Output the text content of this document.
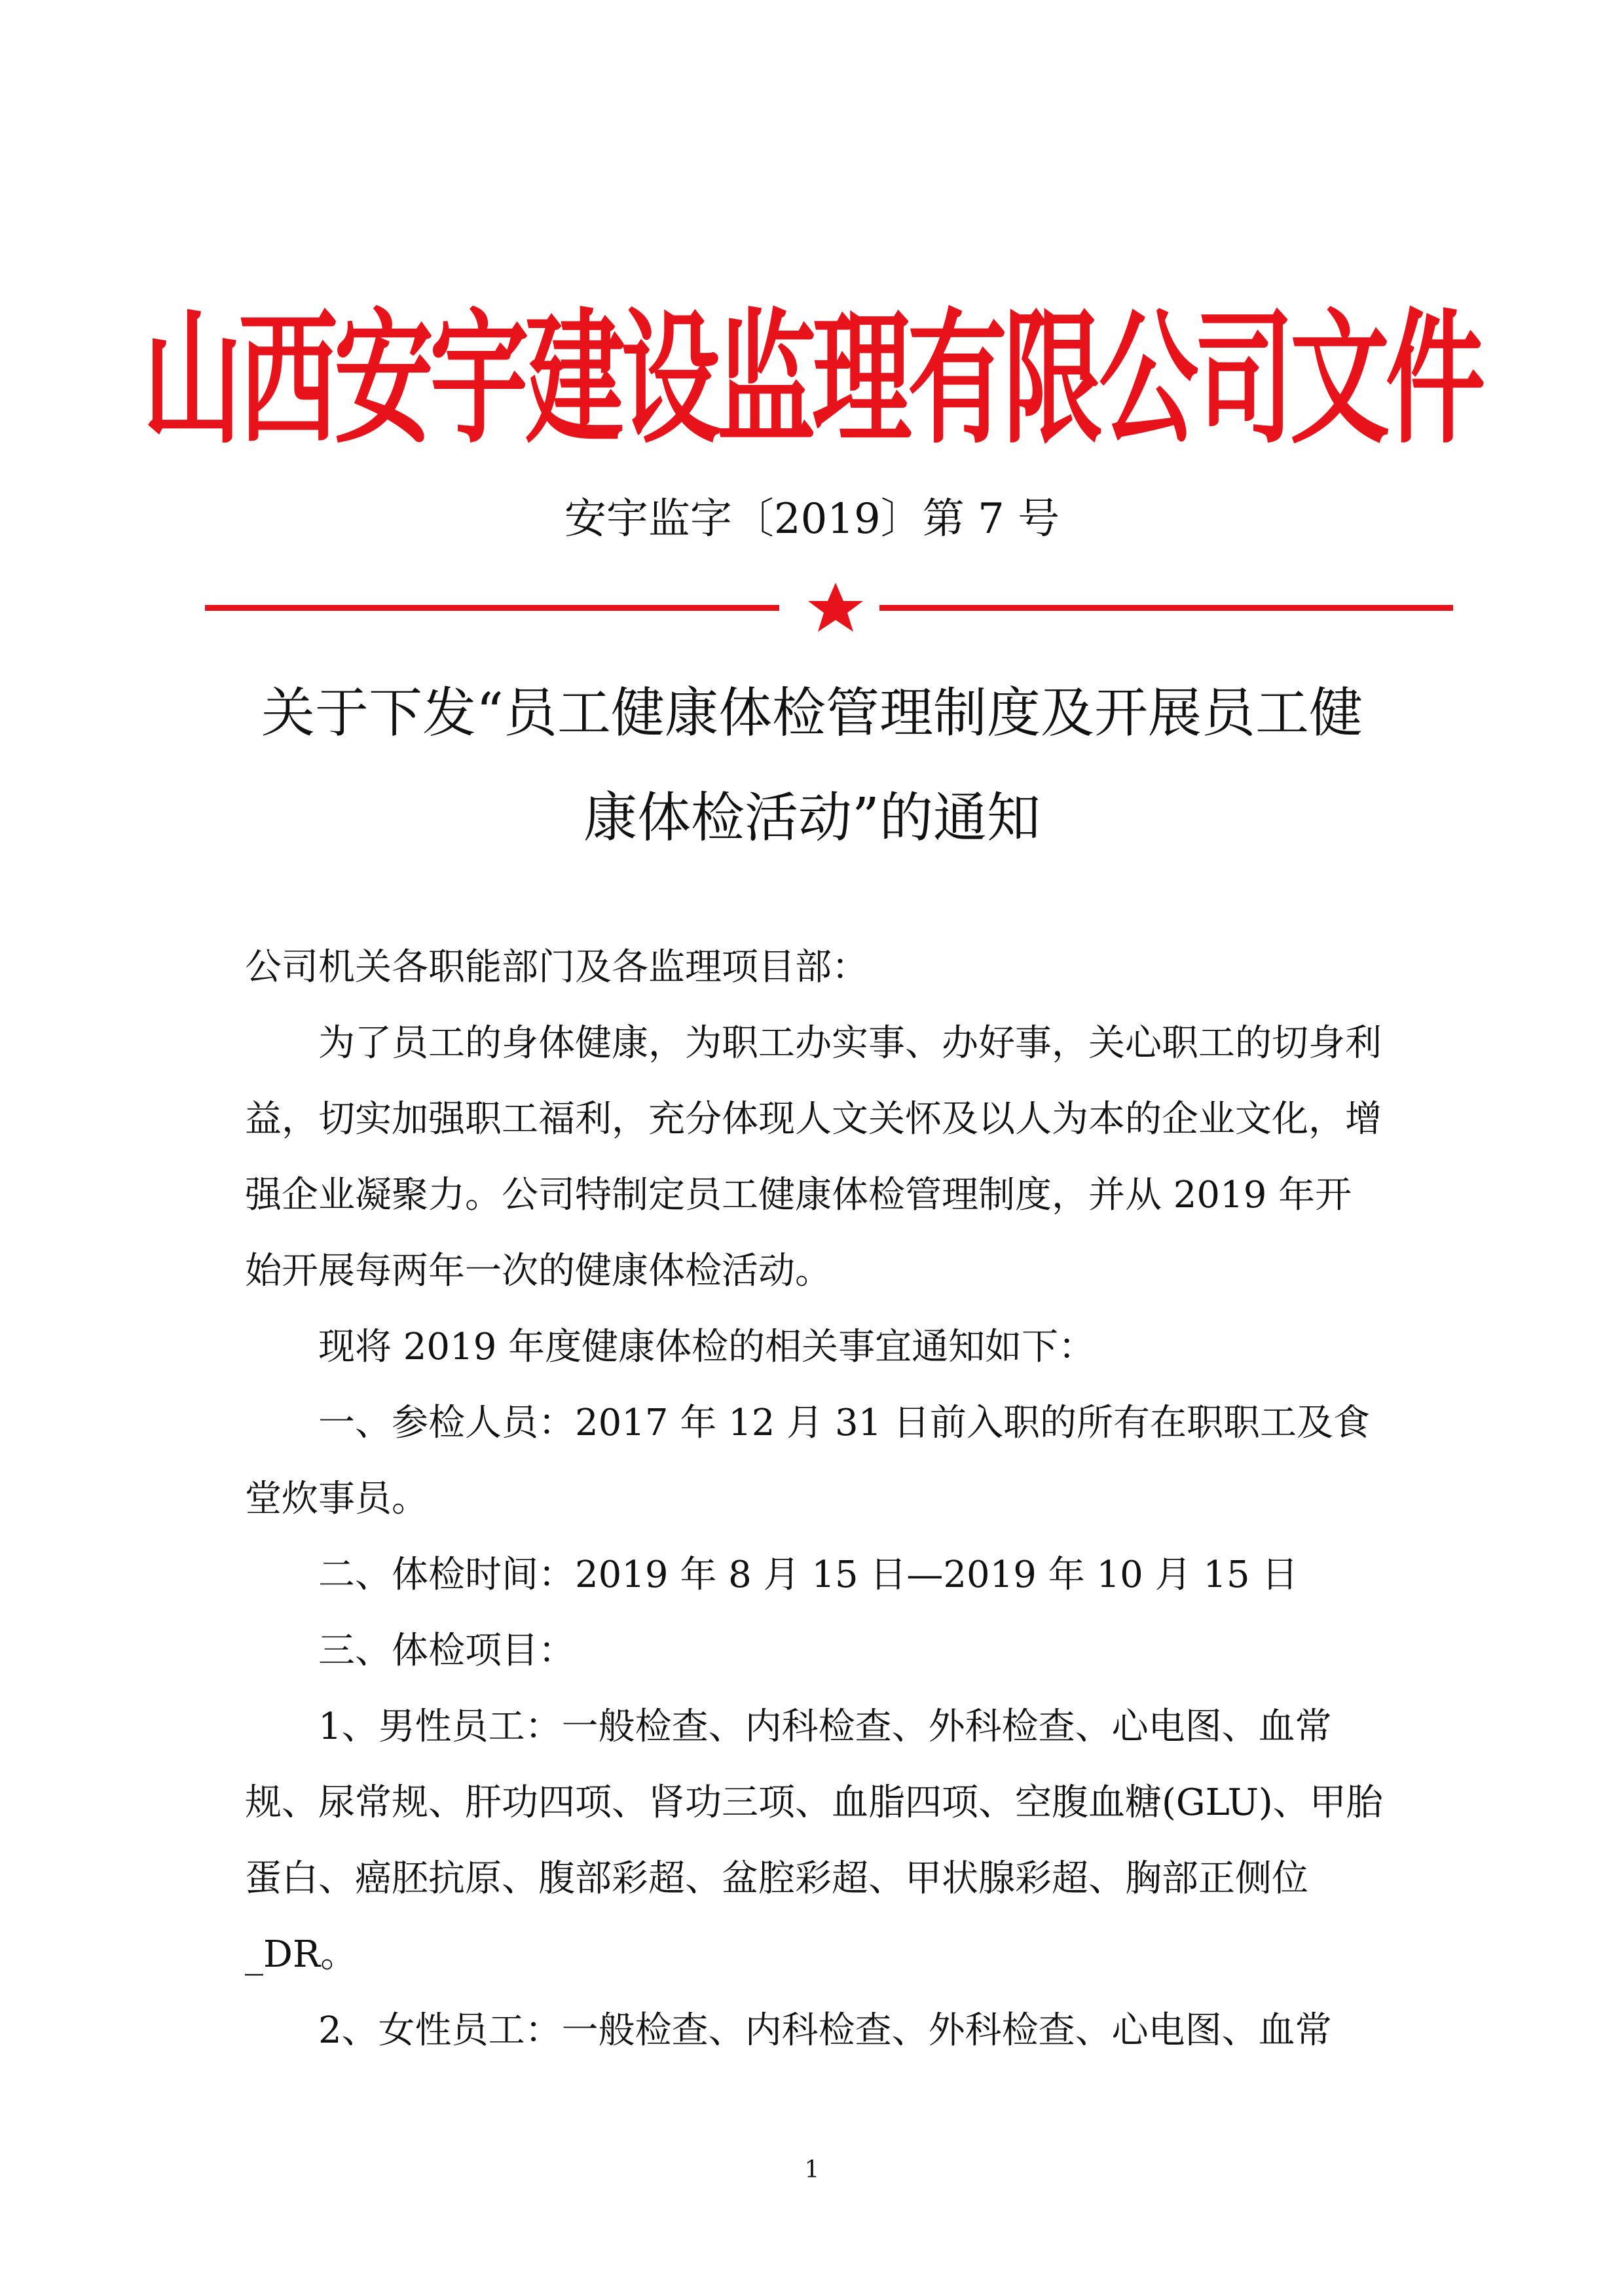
山西安宇建设监理有限公司文件
安宇监字〔2019〕第 7 号
关于下发“员工健康体检管理制度及开展员工健
康体检活动”的通知

公司机关各职能部门及各监理项目部：

为了员工的身体健康，为职工办实事、办好事，关心职工的切身利益，切实加强职工福利，充分体现人文关怀及以人为本的企业文化，增强企业凝聚力。公司特制定员工健康体检管理制度，并从 2019 年开始开展每两年一次的健康体检活动。

现将 2019 年度健康体检的相关事宜通知如下：

一、参检人员：2017 年 12 月 31 日前入职的所有在职职工及食堂炊事员。

二、体检时间：2019 年 8 月 15 日—2019 年 10 月 15 日

三、体检项目：

1、男性员工：一般检查、内科检查、外科检查、心电图、血常规、尿常规、肝功四项、肾功三项、血脂四项、空腹血糖(GLU)、甲胎蛋白、癌胚抗原、腹部彩超、盆腔彩超、甲状腺彩超、胸部正侧位_DR。

2、女性员工：一般检查、内科检查、外科检查、心电图、血常

1
